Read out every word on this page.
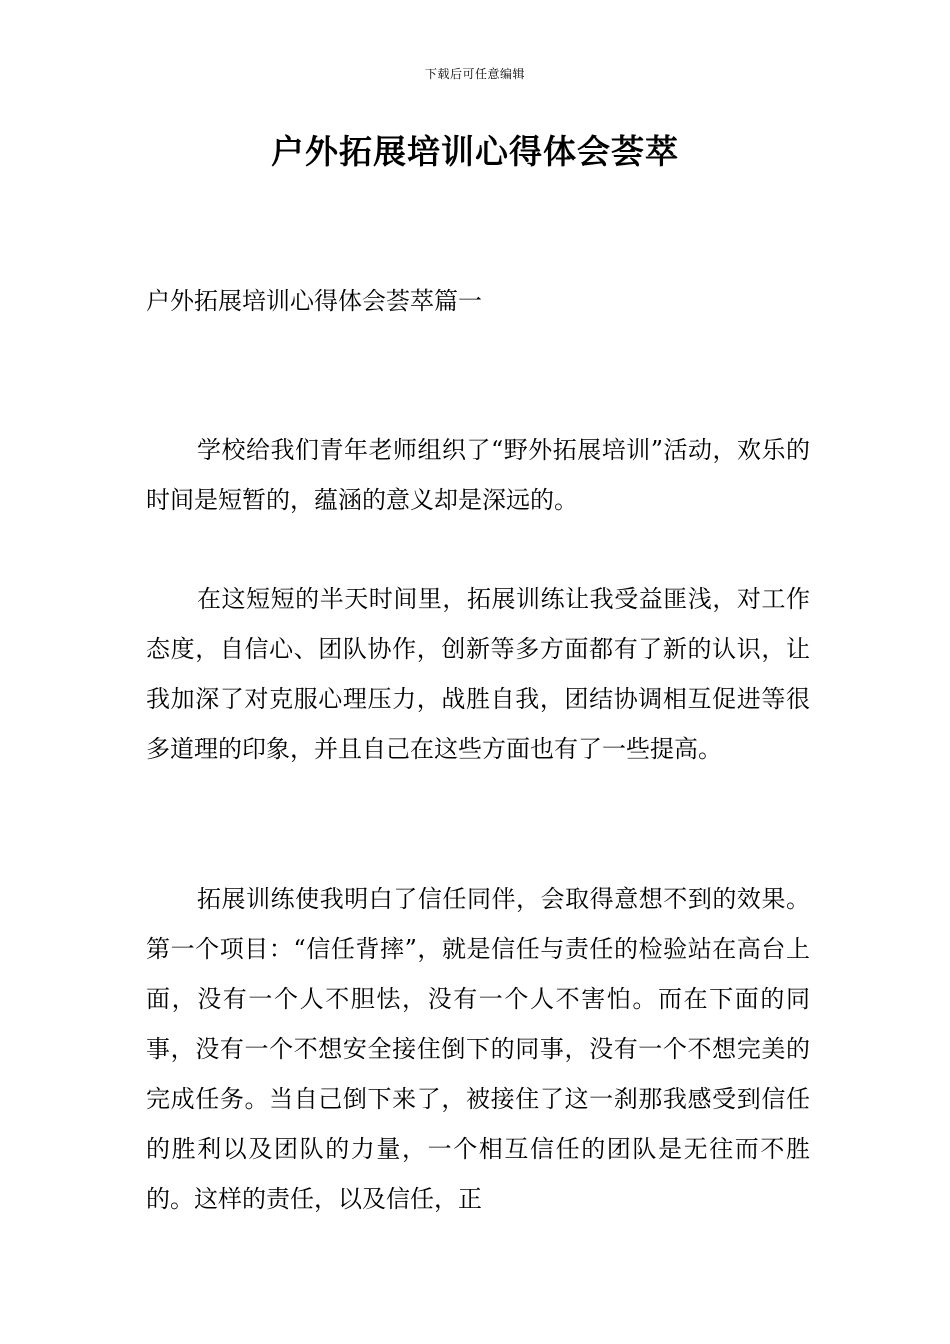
下载后可任意编辑
户外拓展培训心得体会荟萃
户外拓展培训心得体会荟萃篇一

学校给我们青年老师组织了“野外拓展培训”活动，欢乐的时间是短暂的，蕴涵的意义却是深远的。

在这短短的半天时间里，拓展训练让我受益匪浅，对工作态度，自信心、团队协作，创新等多方面都有了新的认识，让我加深了对克服心理压力，战胜自我，团结协调相互促进等很多道理的印象，并且自己在这些方面也有了一些提高。

拓展训练使我明白了信任同伴，会取得意想不到的效果。第一个项目：“信任背摔”，就是信任与责任的检验站在高台上面，没有一个人不胆怯，没有一个人不害怕。而在下面的同事，没有一个不想安全接住倒下的同事，没有一个不想完美的完成任务。当自己倒下来了，被接住了这一刹那我感受到信任的胜利以及团队的力量，一个相互信任的团队是无往而不胜的。这样的责任，以及信任，正
